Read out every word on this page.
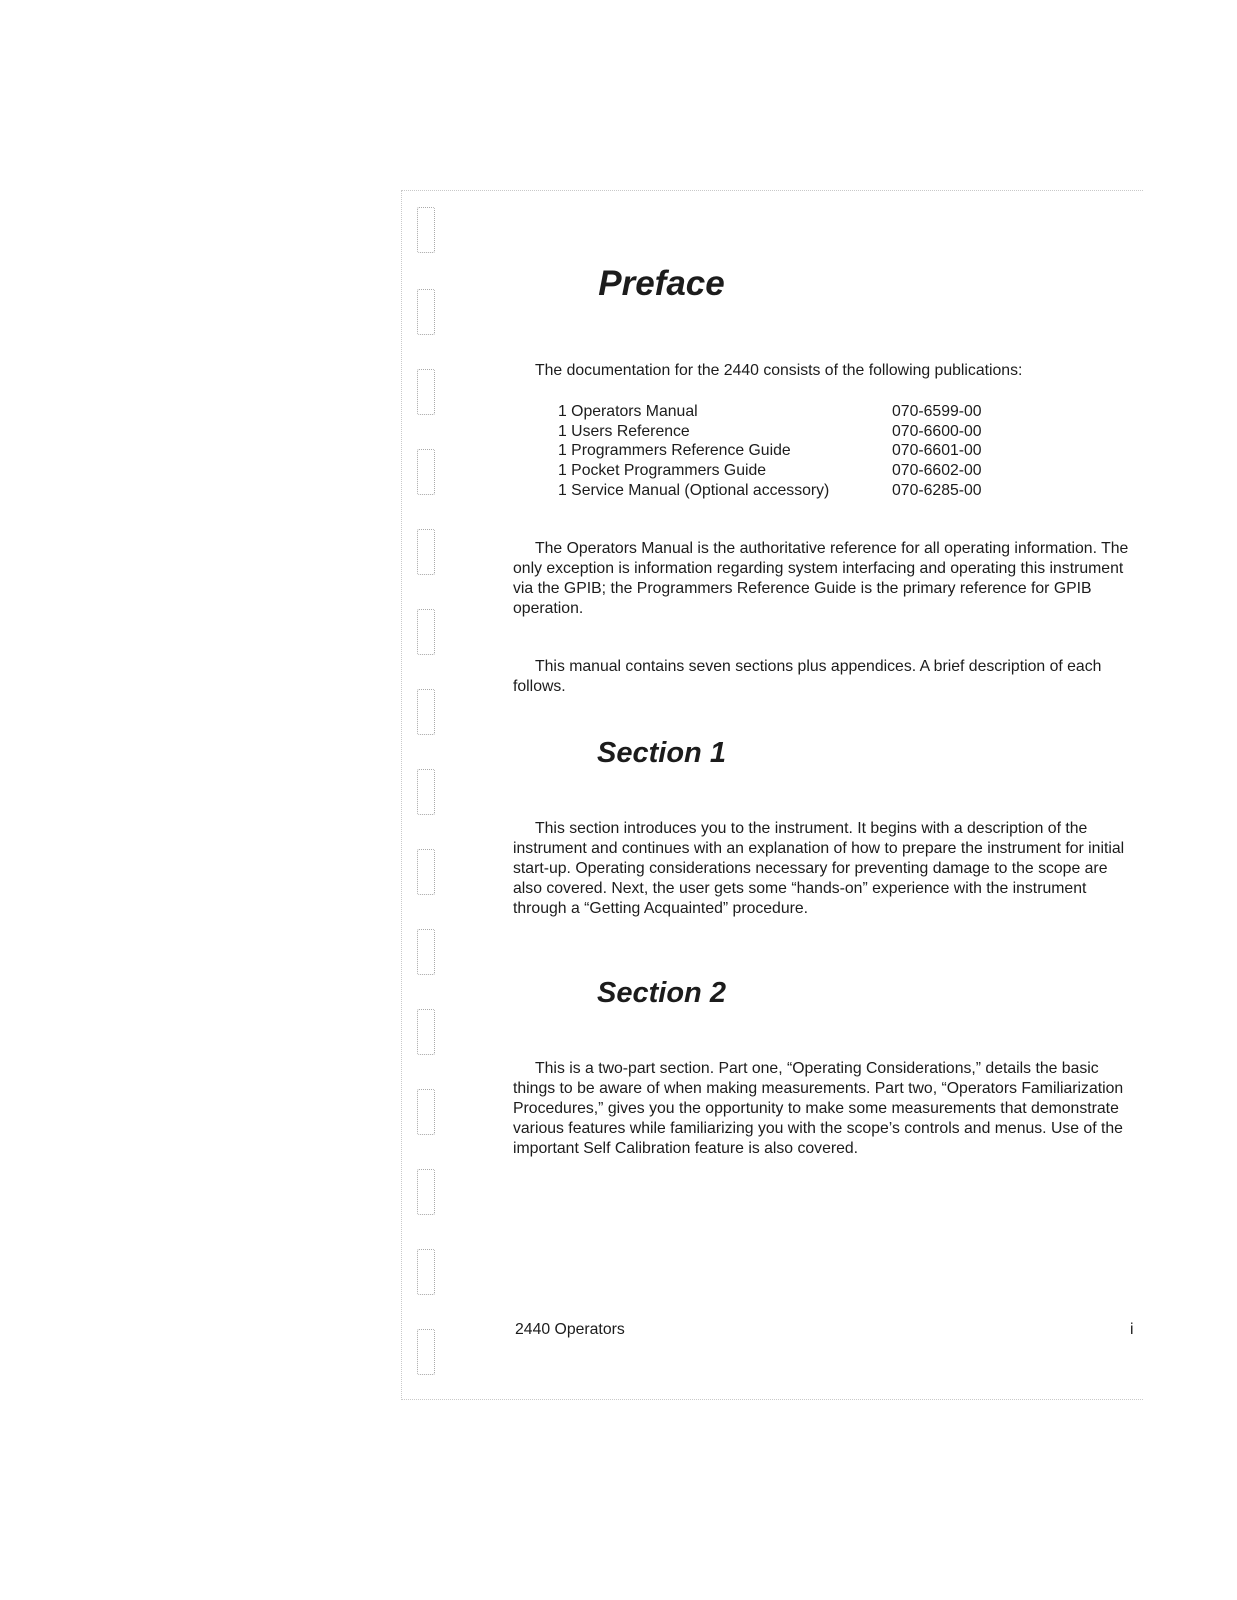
Preface

The documentation for the 2440 consists of the following publications:

1 Operators Manual	070-6599-00
1 Users Reference	070-6600-00
1 Programmers Reference Guide	070-6601-00
1 Pocket Programmers Guide	070-6602-00
1 Service Manual (Optional accessory)	070-6285-00

The Operators Manual is the authoritative reference for all operating information. The only exception is information regarding system interfacing and operating this instrument via the GPIB; the Programmers Reference Guide is the primary reference for GPIB operation.

This manual contains seven sections plus appendices. A brief description of each follows.

Section 1

This section introduces you to the instrument. It begins with a description of the instrument and continues with an explanation of how to prepare the instrument for initial start-up. Operating considerations necessary for preventing damage to the scope are also covered. Next, the user gets some “hands-on” experience with the instrument through a “Getting Acquainted” procedure.

Section 2

This is a two-part section. Part one, “Operating Considerations,” details the basic things to be aware of when making measurements. Part two, “Operators Familiarization Procedures,” gives you the opportunity to make some measurements that demonstrate various features while familiarizing you with the scope’s controls and menus. Use of the important Self Calibration feature is also covered.

2440 Operators	i
